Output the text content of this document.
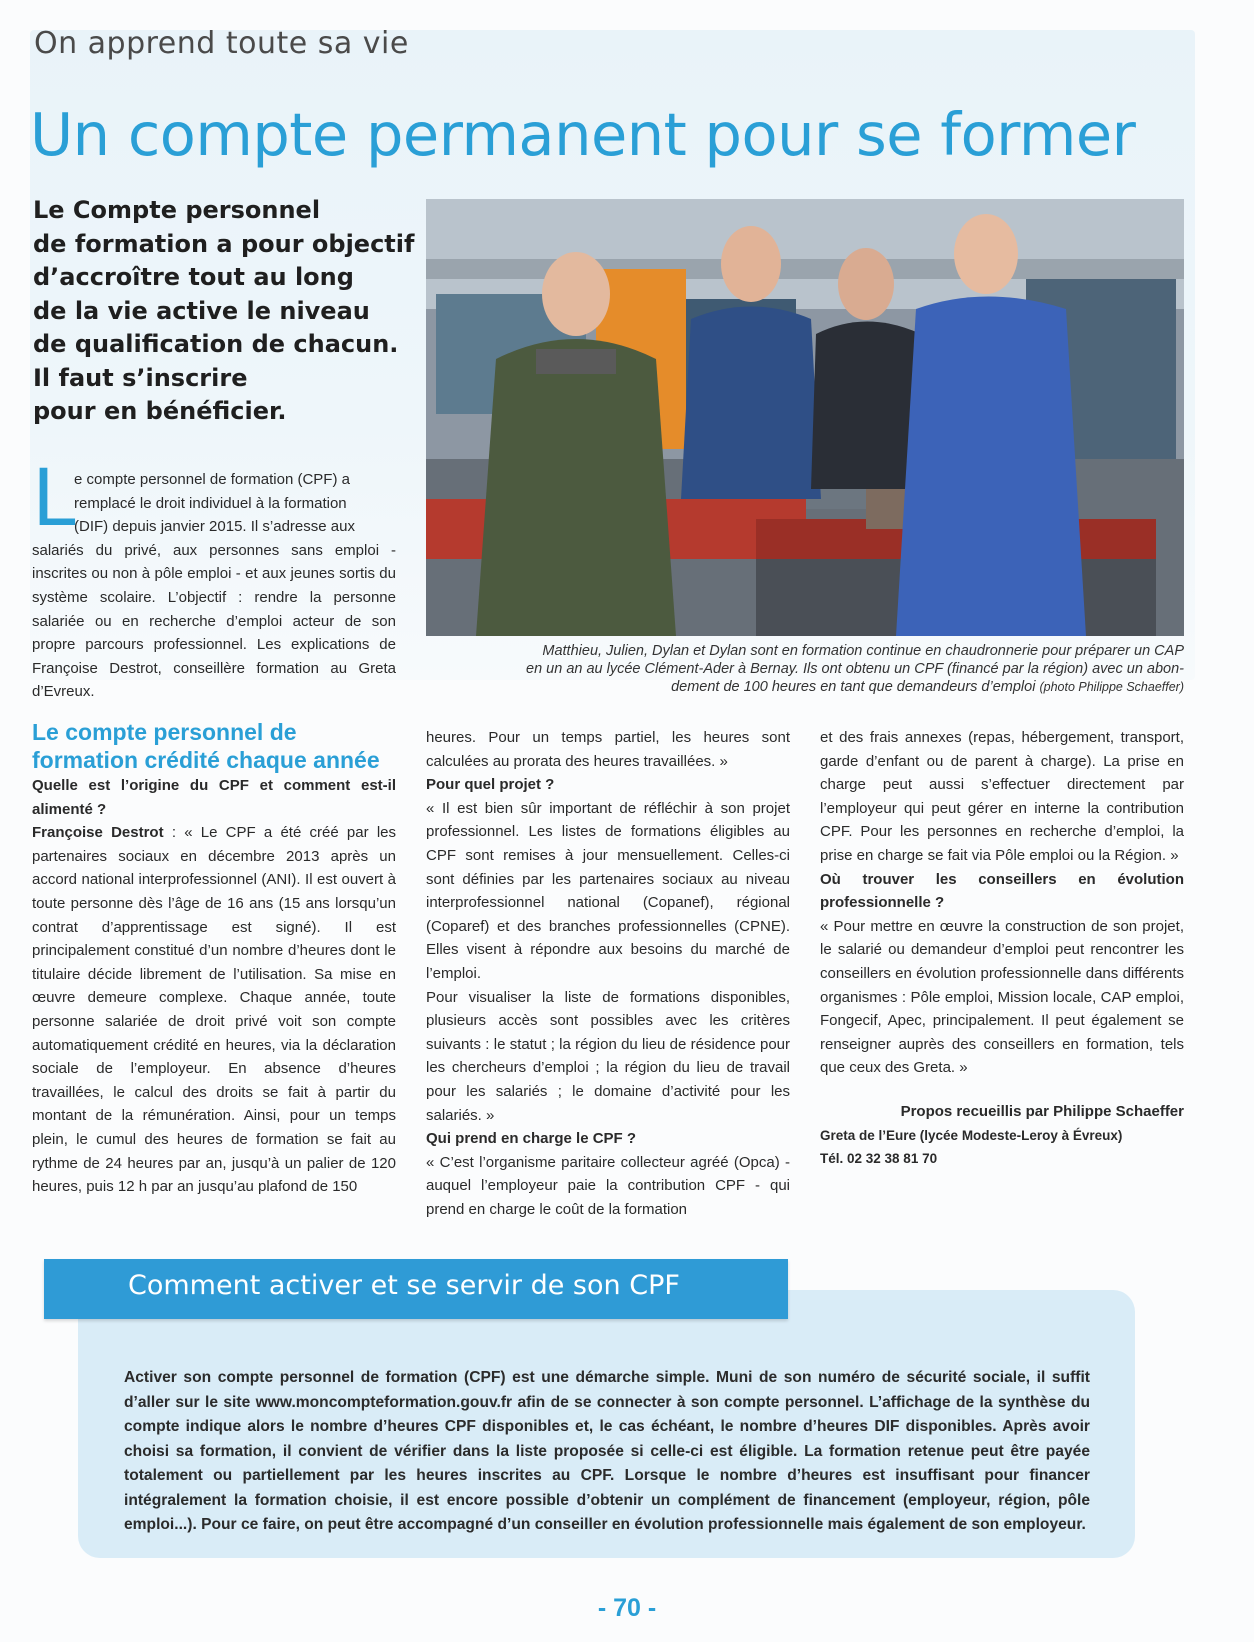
On apprend toute sa vie
Un compte permanent pour se former
Le Compte personnel
de formation a pour objectif
d’accroître tout au long
de la vie active le niveau
de qualification de chacun.
Il faut s’inscrire
pour en bénéficier.
Matthieu, Julien, Dylan et Dylan sont en formation continue en chaudronnerie pour préparer un CAP
en un an au lycée Clément-Ader à Bernay. Ils ont obtenu un CPF (financé par la région) avec un abon-
dement de 100 heures en tant que demandeurs d’emploi (photo Philippe Schaeffer)
L

e compte personnel de formation (CPF) a

remplacé le droit individuel à la formation

(DIF) depuis janvier 2015. Il s’adresse aux

salariés du privé, aux personnes sans emploi - inscrites ou non à pôle emploi - et aux jeunes sortis du système scolaire. L’objectif : rendre la personne salariée ou en recherche d’emploi acteur de son propre parcours professionnel. Les explications de Françoise Destrot, conseillère formation au Greta d’Evreux.

Le compte personnel de
formation crédité chaque année

Quelle est l’origine du CPF et comment est-il alimenté ?

Françoise Destrot : « Le CPF a été créé par les partenaires sociaux en décembre 2013 après un accord national interprofessionnel (ANI). Il est ouvert à toute personne dès l’âge de 16 ans (15 ans lorsqu’un contrat d’apprentissage est signé). Il est principalement constitué d’un nombre d’heures dont le titulaire décide librement de l’utilisation. Sa mise en œuvre demeure complexe. Chaque année, toute personne salariée de droit privé voit son compte automatiquement crédité en heures, via la déclaration sociale de l’employeur. En absence d’heures travaillées, le calcul des droits se fait à partir du montant de la rémunération. Ainsi, pour un temps plein, le cumul des heures de formation se fait au rythme de 24 heures par an, jusqu’à un palier de 120 heures, puis 12 h par an jusqu’au plafond de 150

heures. Pour un temps partiel, les heures sont calculées au prorata des heures travaillées. »

Pour quel projet ?

« Il est bien sûr important de réfléchir à son projet professionnel. Les listes de formations éligibles au CPF sont remises à jour mensuellement. Celles-ci sont définies par les partenaires sociaux au niveau interprofessionnel national (Copanef), régional (Coparef) et des branches professionnelles (CPNE). Elles visent à répondre aux besoins du marché de l’emploi.

Pour visualiser la liste de formations disponibles, plusieurs accès sont possibles avec les critères suivants : le statut ; la région du lieu de résidence pour les chercheurs d’emploi ; la région du lieu de travail pour les salariés ; le domaine d’activité pour les salariés. »

Qui prend en charge le CPF ?

« C’est l’organisme paritaire collecteur agréé (Opca) - auquel l’employeur paie la contribution CPF - qui prend en charge le coût de la formation

et des frais annexes (repas, hébergement, transport, garde d’enfant ou de parent à charge). La prise en charge peut aussi s’effectuer directement par l’employeur qui peut gérer en interne la contribution CPF. Pour les personnes en recherche d’emploi, la prise en charge se fait via Pôle emploi ou la Région. »

Où trouver les conseillers en évolution professionnelle ?

« Pour mettre en œuvre la construction de son projet, le salarié ou demandeur d’emploi peut rencontrer les conseillers en évolution professionnelle dans différents organismes : Pôle emploi, Mission locale, CAP emploi, Fongecif, Apec, principalement. Il peut également se renseigner auprès des conseillers en formation, tels que ceux des Greta. »

Propos recueillis par Philippe Schaeffer

Greta de l’Eure (lycée Modeste-Leroy à Évreux)

Tél. 02 32 38 81 70

Comment activer et se servir de son CPF
Activer son compte personnel de formation (CPF) est une démarche simple. Muni de son numéro de sécurité sociale, il suffit d’aller sur le site www.moncompteformation.gouv.fr afin de se connecter à son compte personnel. L’affichage de la synthèse du compte indique alors le nombre d’heures CPF disponibles et, le cas échéant, le nombre d’heures DIF disponibles. Après avoir choisi sa formation, il convient de vérifier dans la liste proposée si celle-ci est éligible. La formation retenue peut être payée totalement ou partiellement par les heures inscrites au CPF. Lorsque le nombre d’heures est insuffisant pour financer intégralement la formation choisie, il est encore possible d’obtenir un complément de financement (employeur, région, pôle emploi...). Pour ce faire, on peut être accompagné d’un conseiller en évolution professionnelle mais également de son employeur.
- 70 -
